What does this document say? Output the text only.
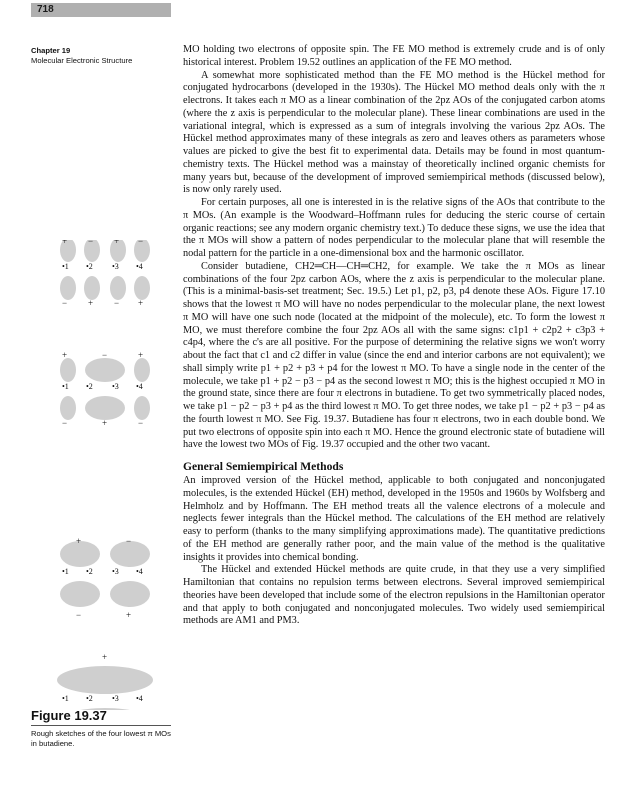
718
Chapter 19
Molecular Electronic Structure

MO holding two electrons of opposite spin. The FE MO method is extremely crude and is of only historical interest. Problem 19.52 outlines an application of the FE MO method.

A somewhat more sophisticated method than the FE MO method is the Hückel method for conjugated hydrocarbons (developed in the 1930s). The Hückel MO method deals only with the π electrons. It takes each π MO as a linear combination of the 2pz AOs of the conjugated carbon atoms (where the z axis is perpendicular to the molecular plane). These linear combinations are used in the variational integral, which is expressed as a sum of integrals involving the various 2pz AOs. The Hückel method approximates many of these integrals as zero and leaves others as parameters whose values are picked to give the best fit to experimental data. Details may be found in most quantum-chemistry texts. The Hückel method was a mainstay of theoretically inclined organic chemists for many years but, because of the development of improved semiempirical methods (discussed below), is now only rarely used.

For certain purposes, all one is interested in is the relative signs of the AOs that contribute to the π MOs. (An example is the Woodward–Hoffmann rules for deducing the steric course of certain organic reactions; see any modern organic chemistry text.) To deduce these signs, we use the idea that the π MOs will show a pattern of nodes perpendicular to the molecular plane that will resemble the nodal pattern for the particle in a one-dimensional box and the harmonic oscillator.

Consider butadiene, CH2═CH—CH═CH2, for example. We take the π MOs as linear combinations of the four 2pz carbon AOs, where the z axis is perpendicular to the molecular plane. (This is a minimal-basis-set treatment; Sec. 19.5.) Let p1, p2, p3, p4 denote these AOs. Figure 17.10 shows that the lowest π MO will have no nodes perpendicular to the molecular plane, the next lowest π MO will have one such node (located at the midpoint of the molecule), etc. To form the lowest π MO, we must therefore combine the four 2pz AOs all with the same signs: c1p1 + c2p2 + c3p3 + c4p4, where the c's are all positive. For the purpose of determining the relative signs we won't worry about the fact that c1 and c2 differ in value (since the end and interior carbons are not equivalent); we shall simply write p1 + p2 + p3 + p4 for the lowest π MO. To have a single node in the center of the molecule, we take p1 + p2 − p3 − p4 as the second lowest π MO; this is the highest occupied π MO in the ground state, since there are four π electrons in butadiene. To get two symmetrically placed nodes, we take p1 − p2 − p3 + p4 as the third lowest π MO. To get three nodes, we take p1 − p2 + p3 − p4 as the fourth lowest π MO. See Fig. 19.37. Butadiene has four π electrons, two in each double bond. We put two electrons of opposite spin into each π MO. Hence the ground electronic state of butadiene will have the lowest two MOs of Fig. 19.37 occupied and the other two vacant.

General Semiempirical Methods

An improved version of the Hückel method, applicable to both conjugated and nonconjugated molecules, is the extended Hückel (EH) method, developed in the 1950s and 1960s by Wolfsberg and Helmholz and by Hoffmann. The EH method treats all the valence electrons of a molecule and neglects fewer integrals than the Hückel method. The calculations of the EH method are relatively easy to perform (thanks to the many simplifying approximations made). The quantitative predictions of the EH method are generally rather poor, and the main value of the method is the qualitative insights it provides into chemical bonding.

The Hückel and extended Hückel methods are quite crude, in that they use a very simplified Hamiltonian that contains no repulsion terms between electrons. Several improved semiempirical theories have been developed that include some of the electron repulsions in the Hamiltonian operator and that apply to both conjugated and nonconjugated molecules. Two widely used semiempirical methods are AM1 and PM3.

•1 •2 •3 •4
•1 •2 •3 •4
•1 •2 •3 •4
•1 •2 •3 •4
+ − + −
− + − +
+	−	+
−	+	−
+	−
−	+
+
Figure 19.37
Rough sketches of the four lowest π MOs in butadiene.
